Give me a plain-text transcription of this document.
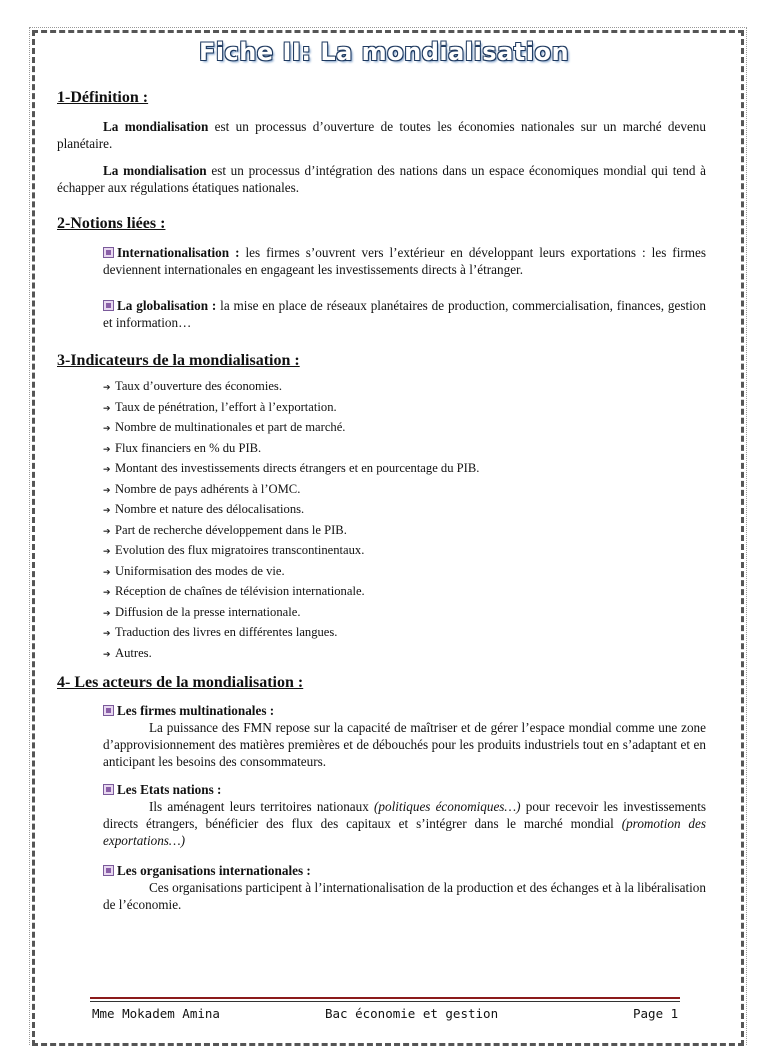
Fiche II: La mondialisation
1-Définition :
La mondialisation est un processus d’ouverture de toutes les économies nationales sur un marché devenu planétaire.
La mondialisation est un processus d’intégration des nations dans un espace économiques mondial qui tend à échapper aux régulations étatiques nationales.
2-Notions liées :
Internationalisation : les firmes s’ouvrent vers l’extérieur en développant leurs exportations : les firmes deviennent internationales en engageant les investissements directs à l’étranger.
La globalisation : la mise en place de réseaux planétaires de production, commercialisation, finances, gestion et information…
3-Indicateurs de la mondialisation :
➔ Taux d’ouverture des économies.
➔ Taux de pénétration, l’effort à l’exportation.
➔ Nombre de multinationales et part de marché.
➔ Flux financiers en % du PIB.
➔ Montant des investissements directs étrangers et en pourcentage du PIB.
➔ Nombre de pays adhérents à l’OMC.
➔ Nombre et nature des délocalisations.
➔ Part de recherche développement dans le PIB.
➔ Evolution des flux migratoires transcontinentaux.
➔ Uniformisation des modes de vie.
➔ Réception de chaînes de télévision internationale.
➔ Diffusion de la presse internationale.
➔ Traduction des livres en différentes langues.
➔ Autres.
4- Les acteurs de la mondialisation :
Les firmes multinationales :
La puissance des FMN repose sur la capacité de maîtriser et de gérer l’espace mondial comme une zone d’approvisionnement des matières premières et de débouchés pour les produits industriels tout en s’adaptant et en anticipant les besoins des consommateurs.
Les Etats nations :
Ils aménagent leurs territoires nationaux (politiques économiques…) pour recevoir les investissements directs étrangers, bénéficier des flux des capitaux et s’intégrer dans le marché mondial (promotion des exportations…)
Les organisations internationales :
Ces organisations participent à l’internationalisation de la production et des échanges et à la libéralisation de l’économie.
Mme Mokadem Amina	Bac économie et gestion	Page 1
